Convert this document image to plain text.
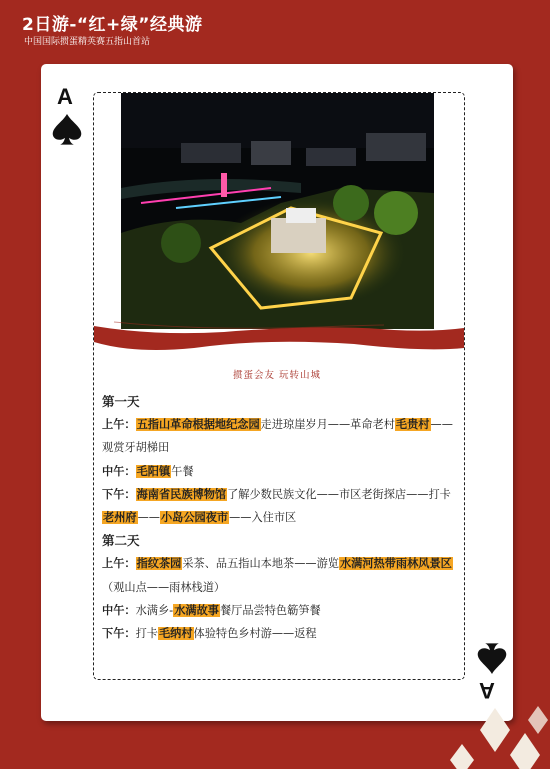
2日游-“红+绿”经典游
中国国际掼蛋精英赛五指山首站
A
掼蛋会友 玩转山城
第一天
上午：五指山革命根据地纪念园走进琼崖岁月——革命老村毛贵村——观赏牙胡梯田
中午：毛阳镇午餐
下午：海南省民族博物馆了解少数民族文化——市区老街探店——打卡老州府——小岛公园夜市——入住市区
第二天
上午：指纹茶园采茶、品五指山本地茶——游览水满河热带雨林风景区（观山点——雨林栈道）
中午：水满乡-水满故事餐厅品尝特色簕笋餐
下午：打卡毛纳村体验特色乡村游——返程
A
